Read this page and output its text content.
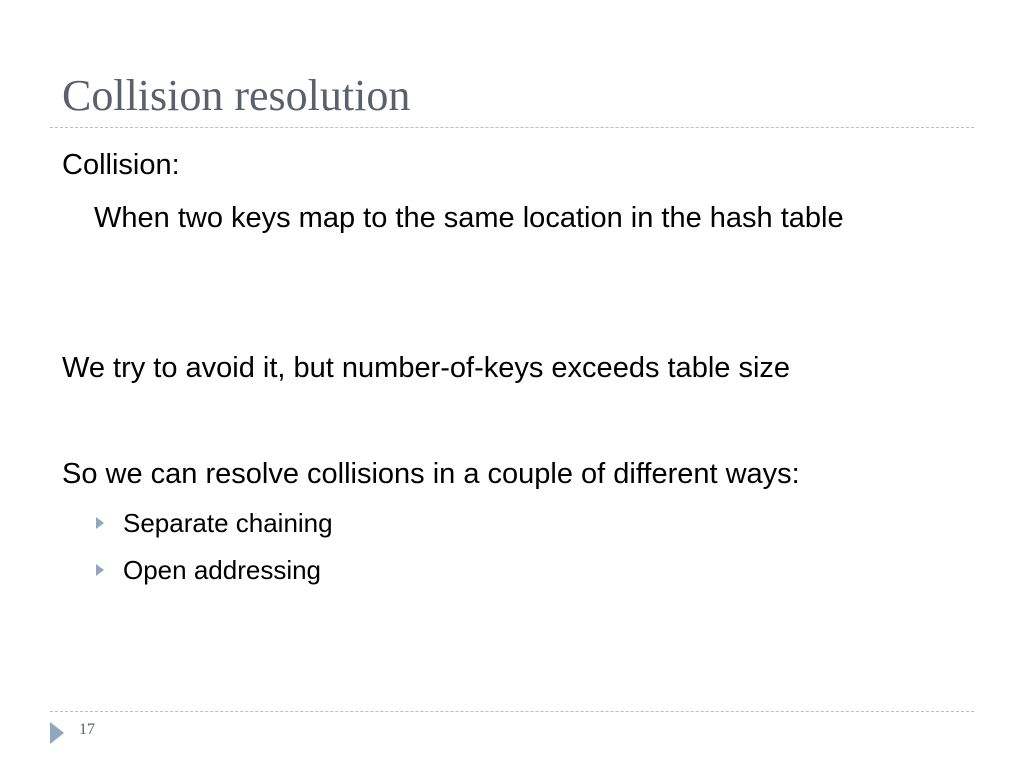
Collision resolution

Collision:

When two keys map to the same location in the hash table

We try to avoid it, but number-of-keys exceeds table size

So we can resolve collisions in a couple of different ways:

Separate chaining
Open addressing
17
